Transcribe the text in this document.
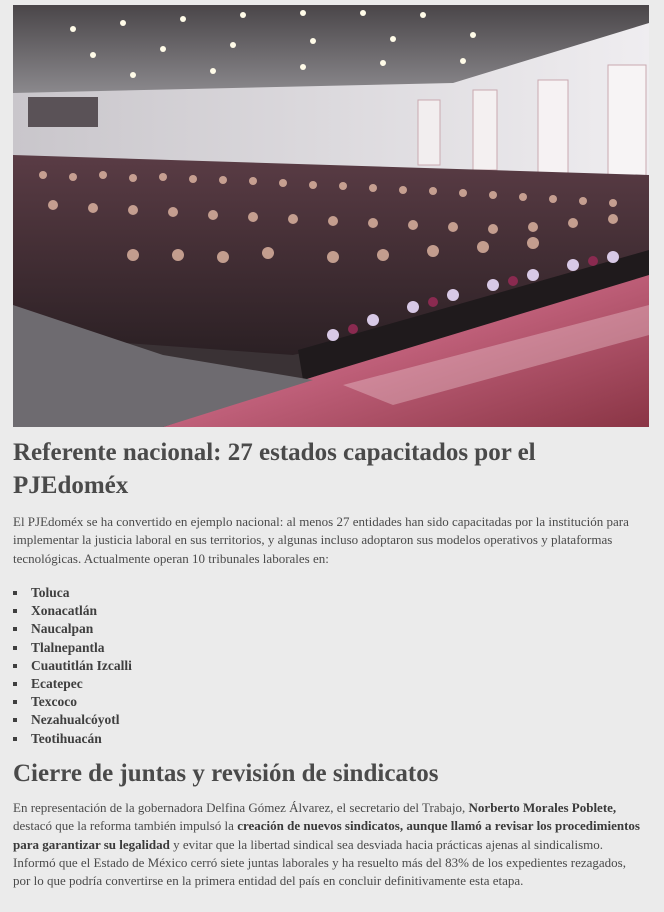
Referente nacional: 27 estados capacitados por el PJEdoméx

El PJEdoméx se ha convertido en ejemplo nacional: al menos 27 entidades han sido capacitadas por la institución para implementar la justicia laboral en sus territorios, y algunas incluso adoptaron sus modelos operativos y plataformas tecnológicas. Actualmente operan 10 tribunales laborales en:

Toluca
Xonacatlán
Naucalpan
Tlalnepantla
Cuautitlán Izcalli
Ecatepec
Texcoco
Nezahualcóyotl
Teotihuacán
Cierre de juntas y revisión de sindicatos

En representación de la gobernadora Delfina Gómez Álvarez, el secretario del Trabajo, Norberto Morales Poblete, destacó que la reforma también impulsó la creación de nuevos sindicatos, aunque llamó a revisar los procedimientos para garantizar su legalidad y evitar que la libertad sindical sea desviada hacia prácticas ajenas al sindicalismo. Informó que el Estado de México cerró siete juntas laborales y ha resuelto más del 83% de los expedientes rezagados, por lo que podría convertirse en la primera entidad del país en concluir definitivamente esta etapa.
